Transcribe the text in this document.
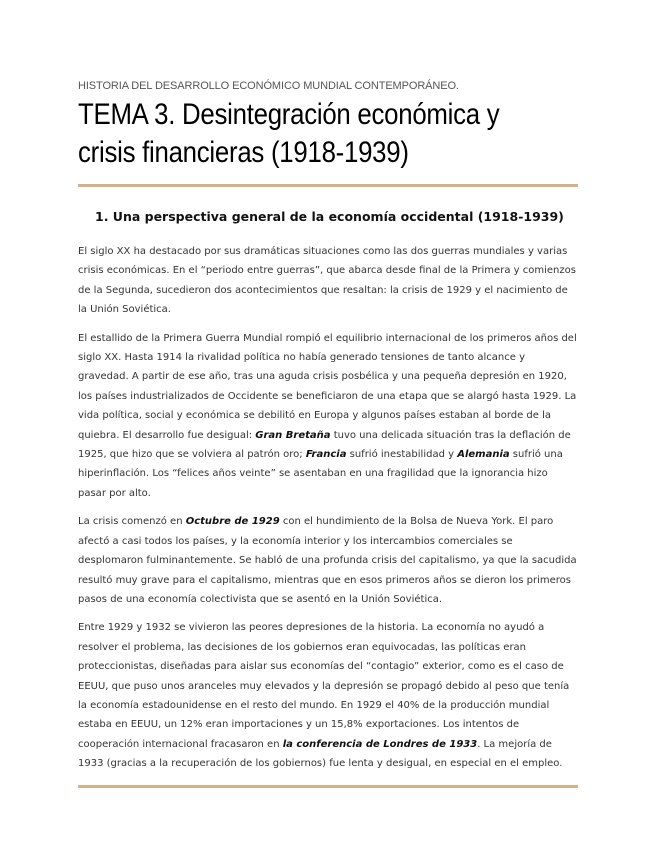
HISTORIA DEL DESARROLLO ECONÓMICO MUNDIAL CONTEMPORÁNEO.
TEMA 3. Desintegración económica y crisis financieras (1918-1939)
1. Una perspectiva general de la economía occidental (1918-1939)

El siglo XX ha destacado por sus dramáticas situaciones como las dos guerras mundiales y varias crisis económicas. En el “periodo entre guerras”, que abarca desde final de la Primera y comienzos de la Segunda, sucedieron dos acontecimientos que resaltan: la crisis de 1929 y el nacimiento de la Unión Soviética.

El estallido de la Primera Guerra Mundial rompió el equilibrio internacional de los primeros años del siglo XX. Hasta 1914 la rivalidad política no había generado tensiones de tanto alcance y gravedad. A partir de ese año, tras una aguda crisis posbélica y una pequeña depresión en 1920, los países industrializados de Occidente se beneficiaron de una etapa que se alargó hasta 1929. La vida política, social y económica se debilitó en Europa y algunos países estaban al borde de la quiebra. El desarrollo fue desigual: Gran Bretaña tuvo una delicada situación tras la deflación de 1925, que hizo que se volviera al patrón oro; Francia sufrió inestabilidad y Alemania sufrió una hiperinflación. Los “felices años veinte” se asentaban en una fragilidad que la ignorancia hizo pasar por alto.

La crisis comenzó en Octubre de 1929 con el hundimiento de la Bolsa de Nueva York. El paro afectó a casi todos los países, y la economía interior y los intercambios comerciales se desplomaron fulminantemente. Se habló de una profunda crisis del capitalismo, ya que la sacudida resultó muy grave para el capitalismo, mientras que en esos primeros años se dieron los primeros pasos de una economía colectivista que se asentó en la Unión Soviética.

Entre 1929 y 1932 se vivieron las peores depresiones de la historia. La economía no ayudó a resolver el problema, las decisiones de los gobiernos eran equivocadas, las políticas eran proteccionistas, diseñadas para aislar sus economías del “contagio” exterior, como es el caso de EEUU, que puso unos aranceles muy elevados y la depresión se propagó debido al peso que tenía la economía estadounidense en el resto del mundo. En 1929 el 40% de la producción mundial estaba en EEUU, un 12% eran importaciones y un 15,8% exportaciones. Los intentos de cooperación internacional fracasaron en la conferencia de Londres de 1933. La mejoría de 1933 (gracias a la recuperación de los gobiernos) fue lenta y desigual, en especial en el empleo.
